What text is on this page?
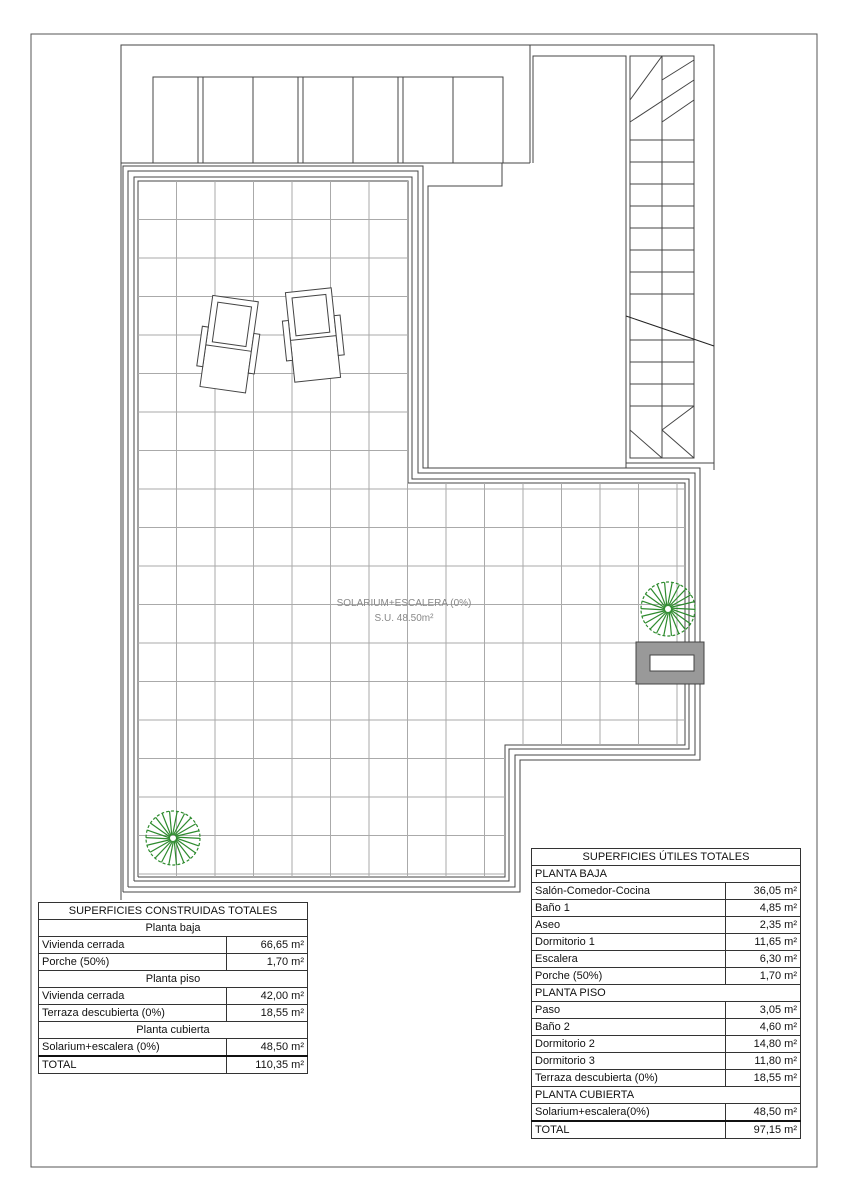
SOLARIUM+ESCALERA (0%)
S.U. 48.50m²
SUPERFICIES CONSTRUIDAS TOTALES	
Planta baja	
Vivienda cerrada	66,65 m²
Porche (50%)	1,70 m²
Planta piso	
Vivienda cerrada	42,00 m²
Terraza descubierta (0%)	18,55 m²
Planta cubierta	
Solarium+escalera (0%)	48,50 m²
TOTAL	110,35 m²
SUPERFICIES ÚTILES TOTALES	
PLANTA BAJA	
Salón-Comedor-Cocina	36,05 m²
Baño 1	4,85 m²
Aseo	2,35 m²
Dormitorio 1	11,65 m²
Escalera	6,30 m²
Porche (50%)	1,70 m²
PLANTA PISO	
Paso	3,05 m²
Baño 2	4,60 m²
Dormitorio 2	14,80 m²
Dormitorio 3	11,80 m²
Terraza descubierta (0%)	18,55 m²
PLANTA CUBIERTA	
Solarium+escalera(0%)	48,50 m²
TOTAL	97,15 m²
